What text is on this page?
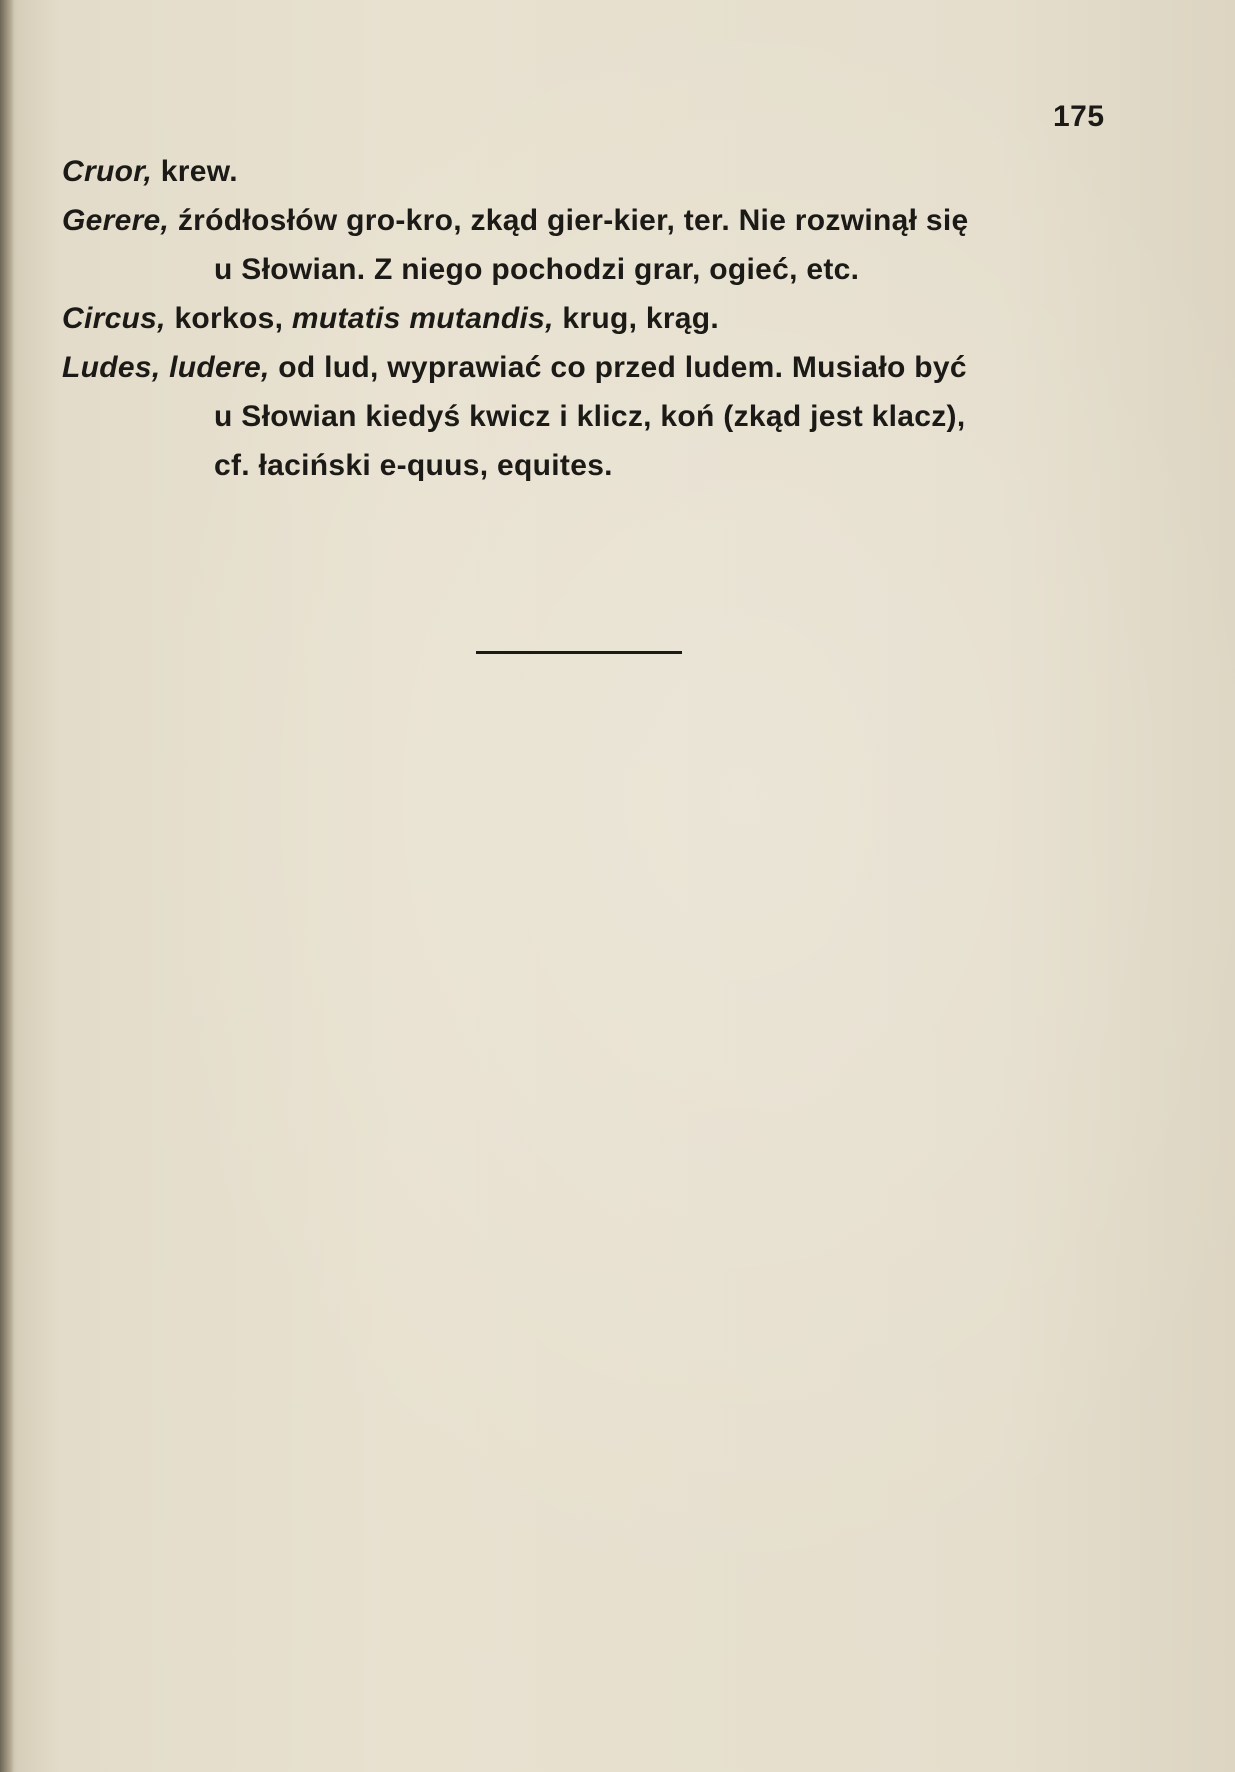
175
Cruor, krew.
Gerere, źródłosłów gro-kro, zkąd gier-kier, ter. Nie rozwinął się
u Słowian. Z niego pochodzi grar, ogieć, etc.
Circus, korkos, mutatis mutandis, krug, krąg.
Ludes, ludere, od lud, wyprawiać co przed ludem. Musiało być
u Słowian kiedyś kwicz i klicz, koń (zkąd jest klacz),
cf. łaciński e-quus, equites.
